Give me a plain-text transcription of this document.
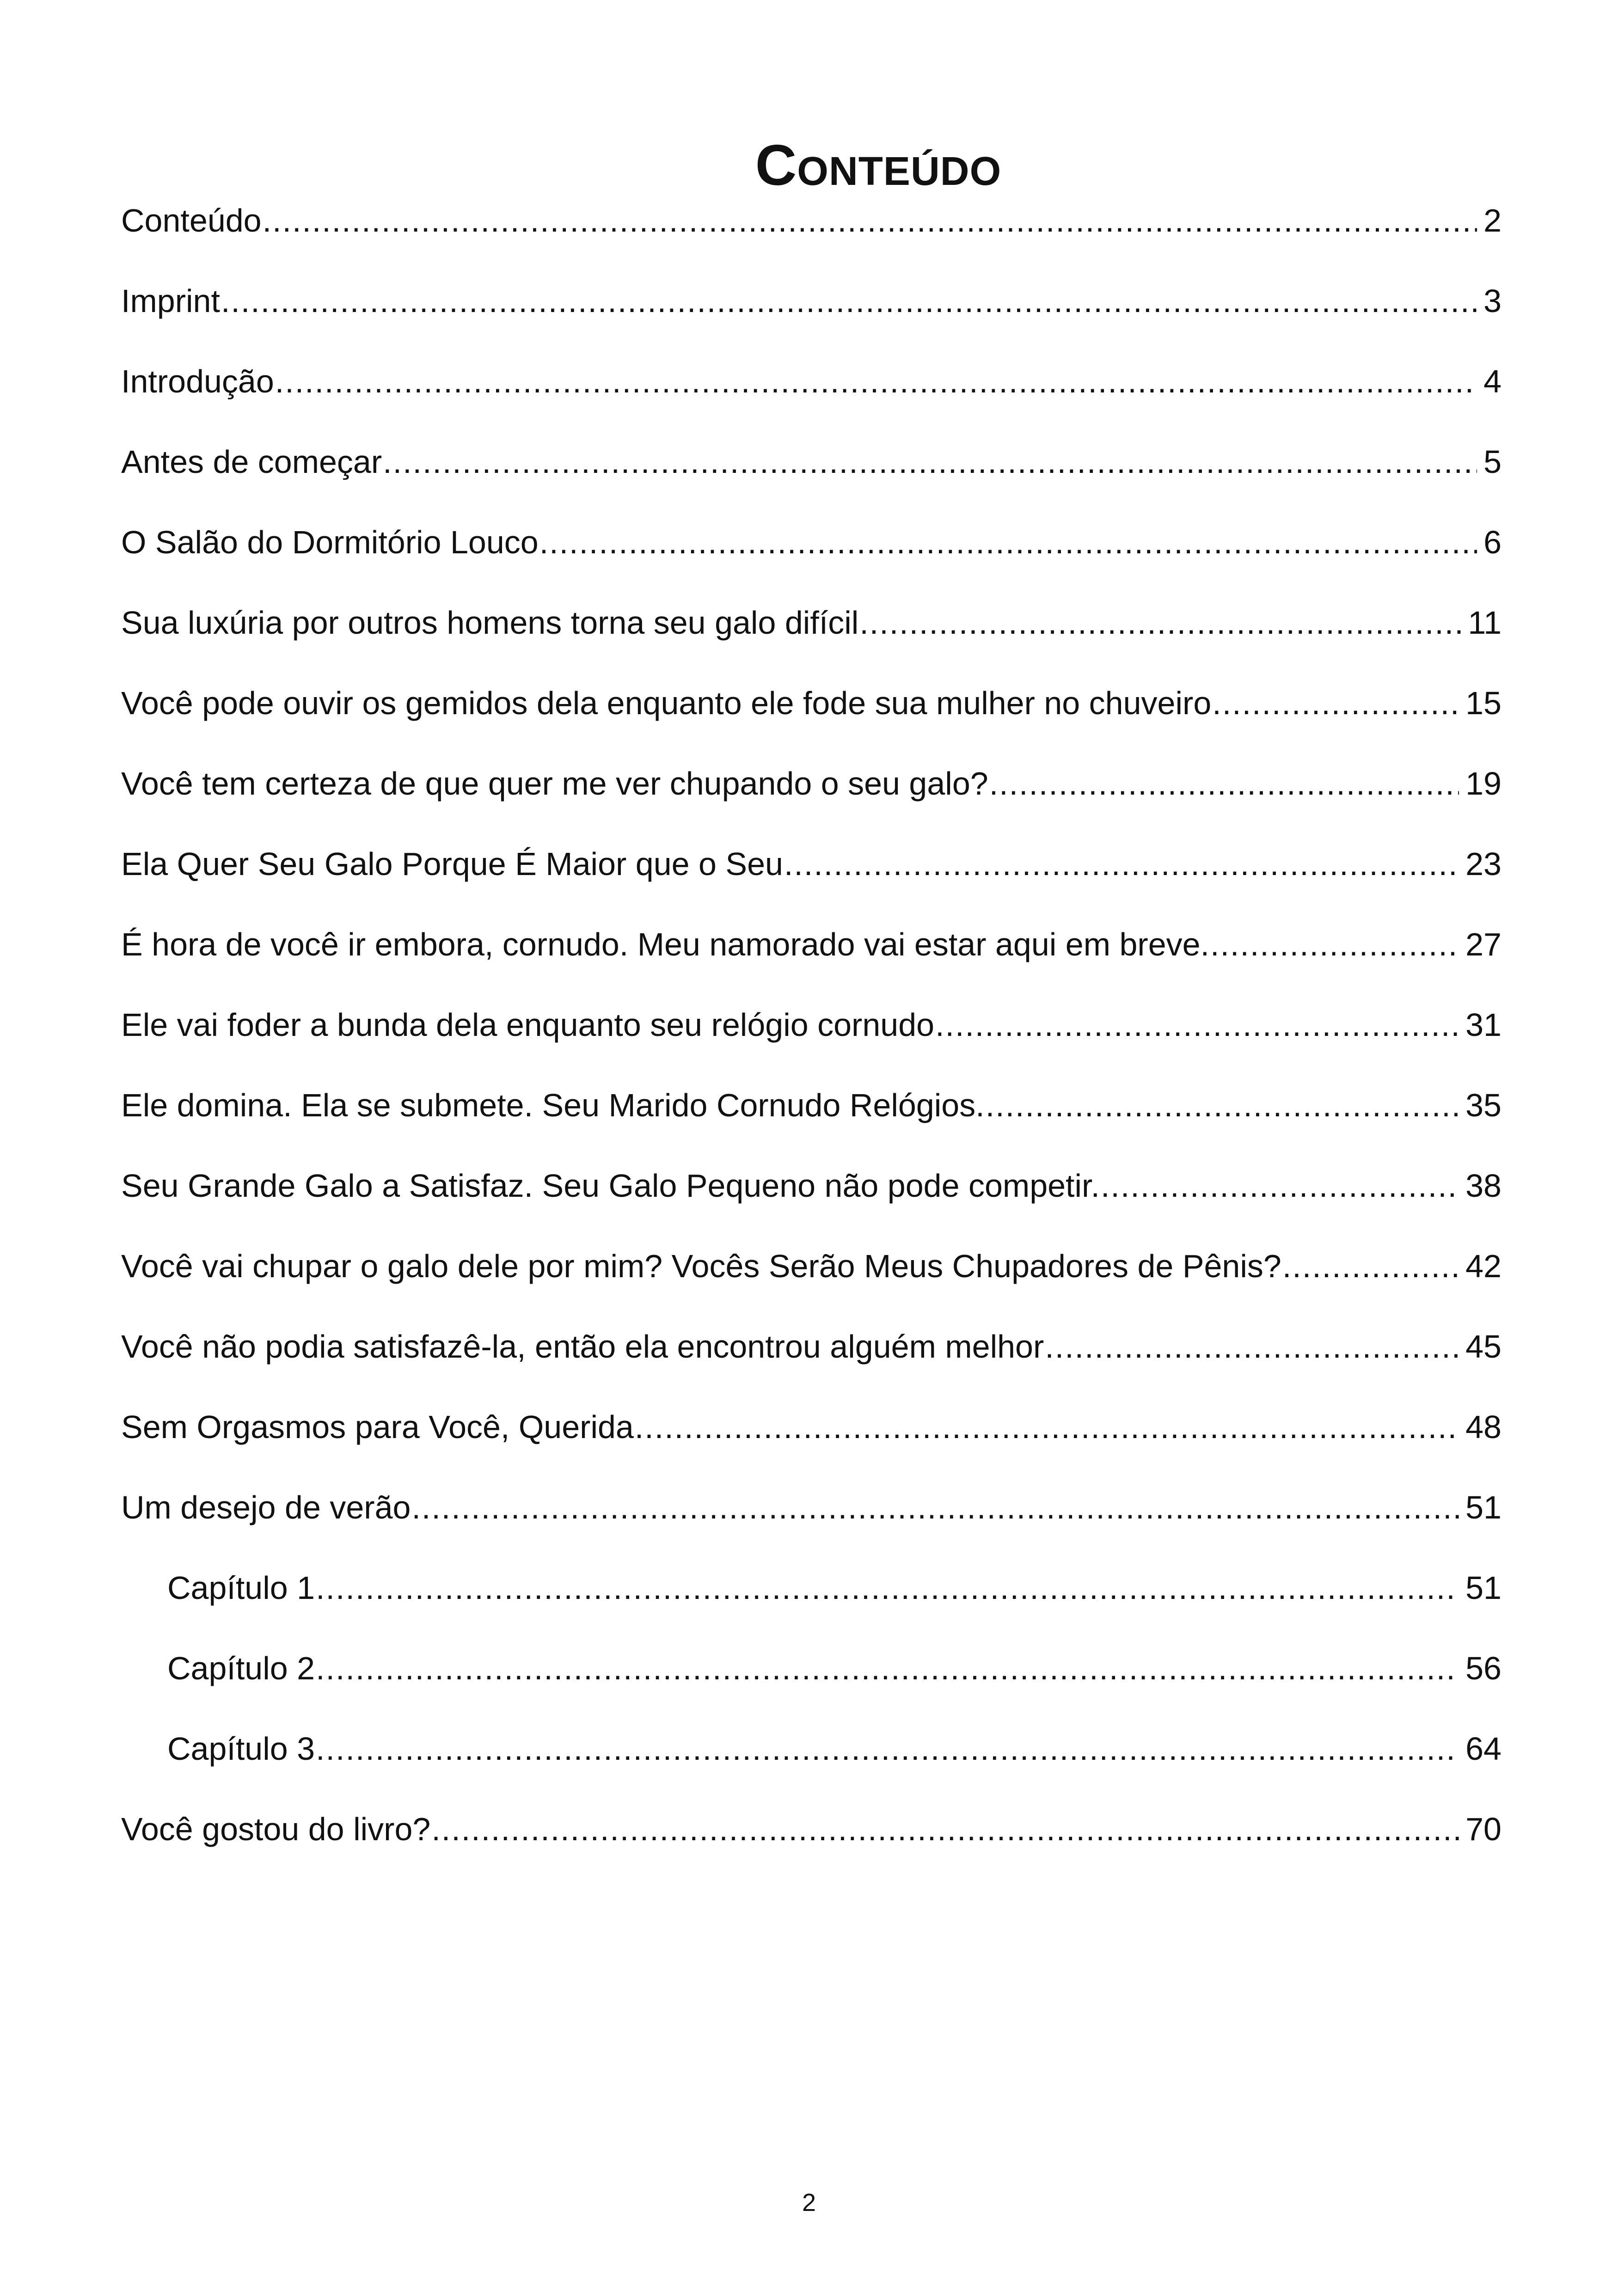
Conteúdo
Conteúdo .....	2
Imprint .....	3
Introdução .....	4
Antes de começar .....	5
O Salão do Dormitório Louco .....	6
Sua luxúria por outros homens torna seu galo difícil .....	11
Você pode ouvir os gemidos dela enquanto ele fode sua mulher no chuveiro .....	15
Você tem certeza de que quer me ver chupando o seu galo? .....	19
Ela Quer Seu Galo Porque É Maior que o Seu .....	23
É hora de você ir embora, cornudo. Meu namorado vai estar aqui em breve. .....	27
Ele vai foder a bunda dela enquanto seu relógio cornudo .....	31
Ele domina. Ela se submete. Seu Marido Cornudo Relógios. .....	35
Seu Grande Galo a Satisfaz. Seu Galo Pequeno não pode competir. .....	38
Você vai chupar o galo dele por mim? Vocês Serão Meus Chupadores de Pênis? .....	42
Você não podia satisfazê-la, então ela encontrou alguém melhor .....	45
Sem Orgasmos para Você, Querida .....	48
Um desejo de verão .....	51
Capítulo 1 .....	51
Capítulo 2 .....	56
Capítulo 3 .....	64
Você gostou do livro? .....	70
2
